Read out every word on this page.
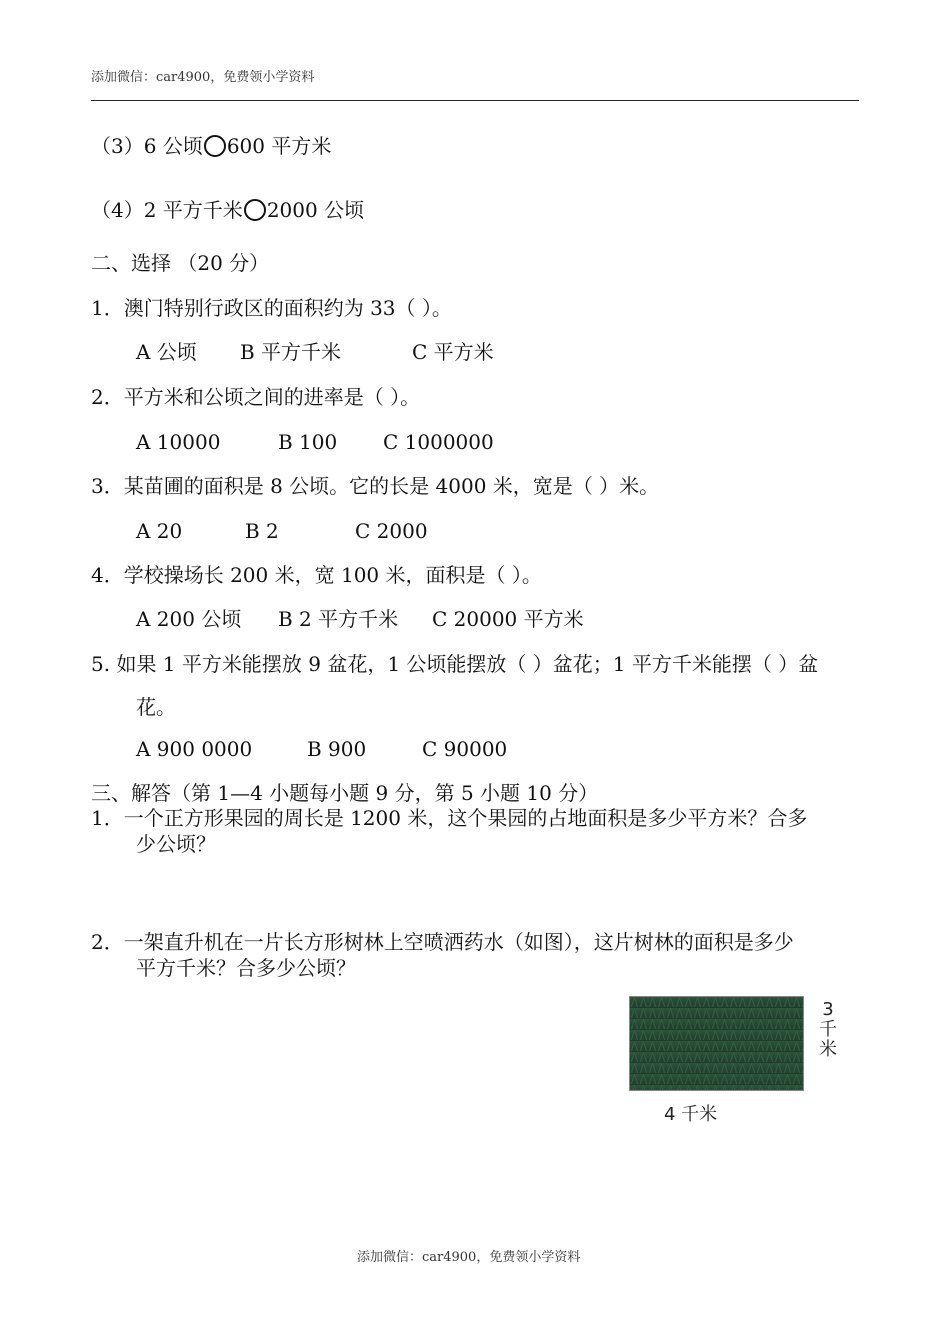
添加微信：car4900，免费领小学资料
（3）6 公顷 600 平方米
（4）2 平方千米 2000 公顷
二、选择 （20 分）
1．澳门特别行政区的面积约为 33（ ）。
A 公顷 B 平方千米	C 平方米
2．平方米和公顷之间的进率是（ ）。
A 10000	B 100 C 1000000
3．某苗圃的面积是 8 公顷。它的长是 4000 米，宽是（ ）米。
A 20	B 2	C 2000
4．学校操场长 200 米，宽 100 米，面积是（ ）。
A 200 公顷 B 2 平方千米 C 20000 平方米
5. 如果 1 平方米能摆放 9 盆花，1 公顷能摆放（ ）盆花；1 平方千米能摆（ ）盆
花。
A 900 0000	B 900	C 90000
三、解答（第 1—4 小题每小题 9 分，第 5 小题 10 分）
1．一个正方形果园的周长是 1200 米，这个果园的占地面积是多少平方米？合多
少公顷？
2．一架直升机在一片长方形树林上空喷洒药水（如图），这片树林的面积是多少
平方千米？合多少公顷？
3千米
4 千米
添加微信：car4900，免费领小学资料
